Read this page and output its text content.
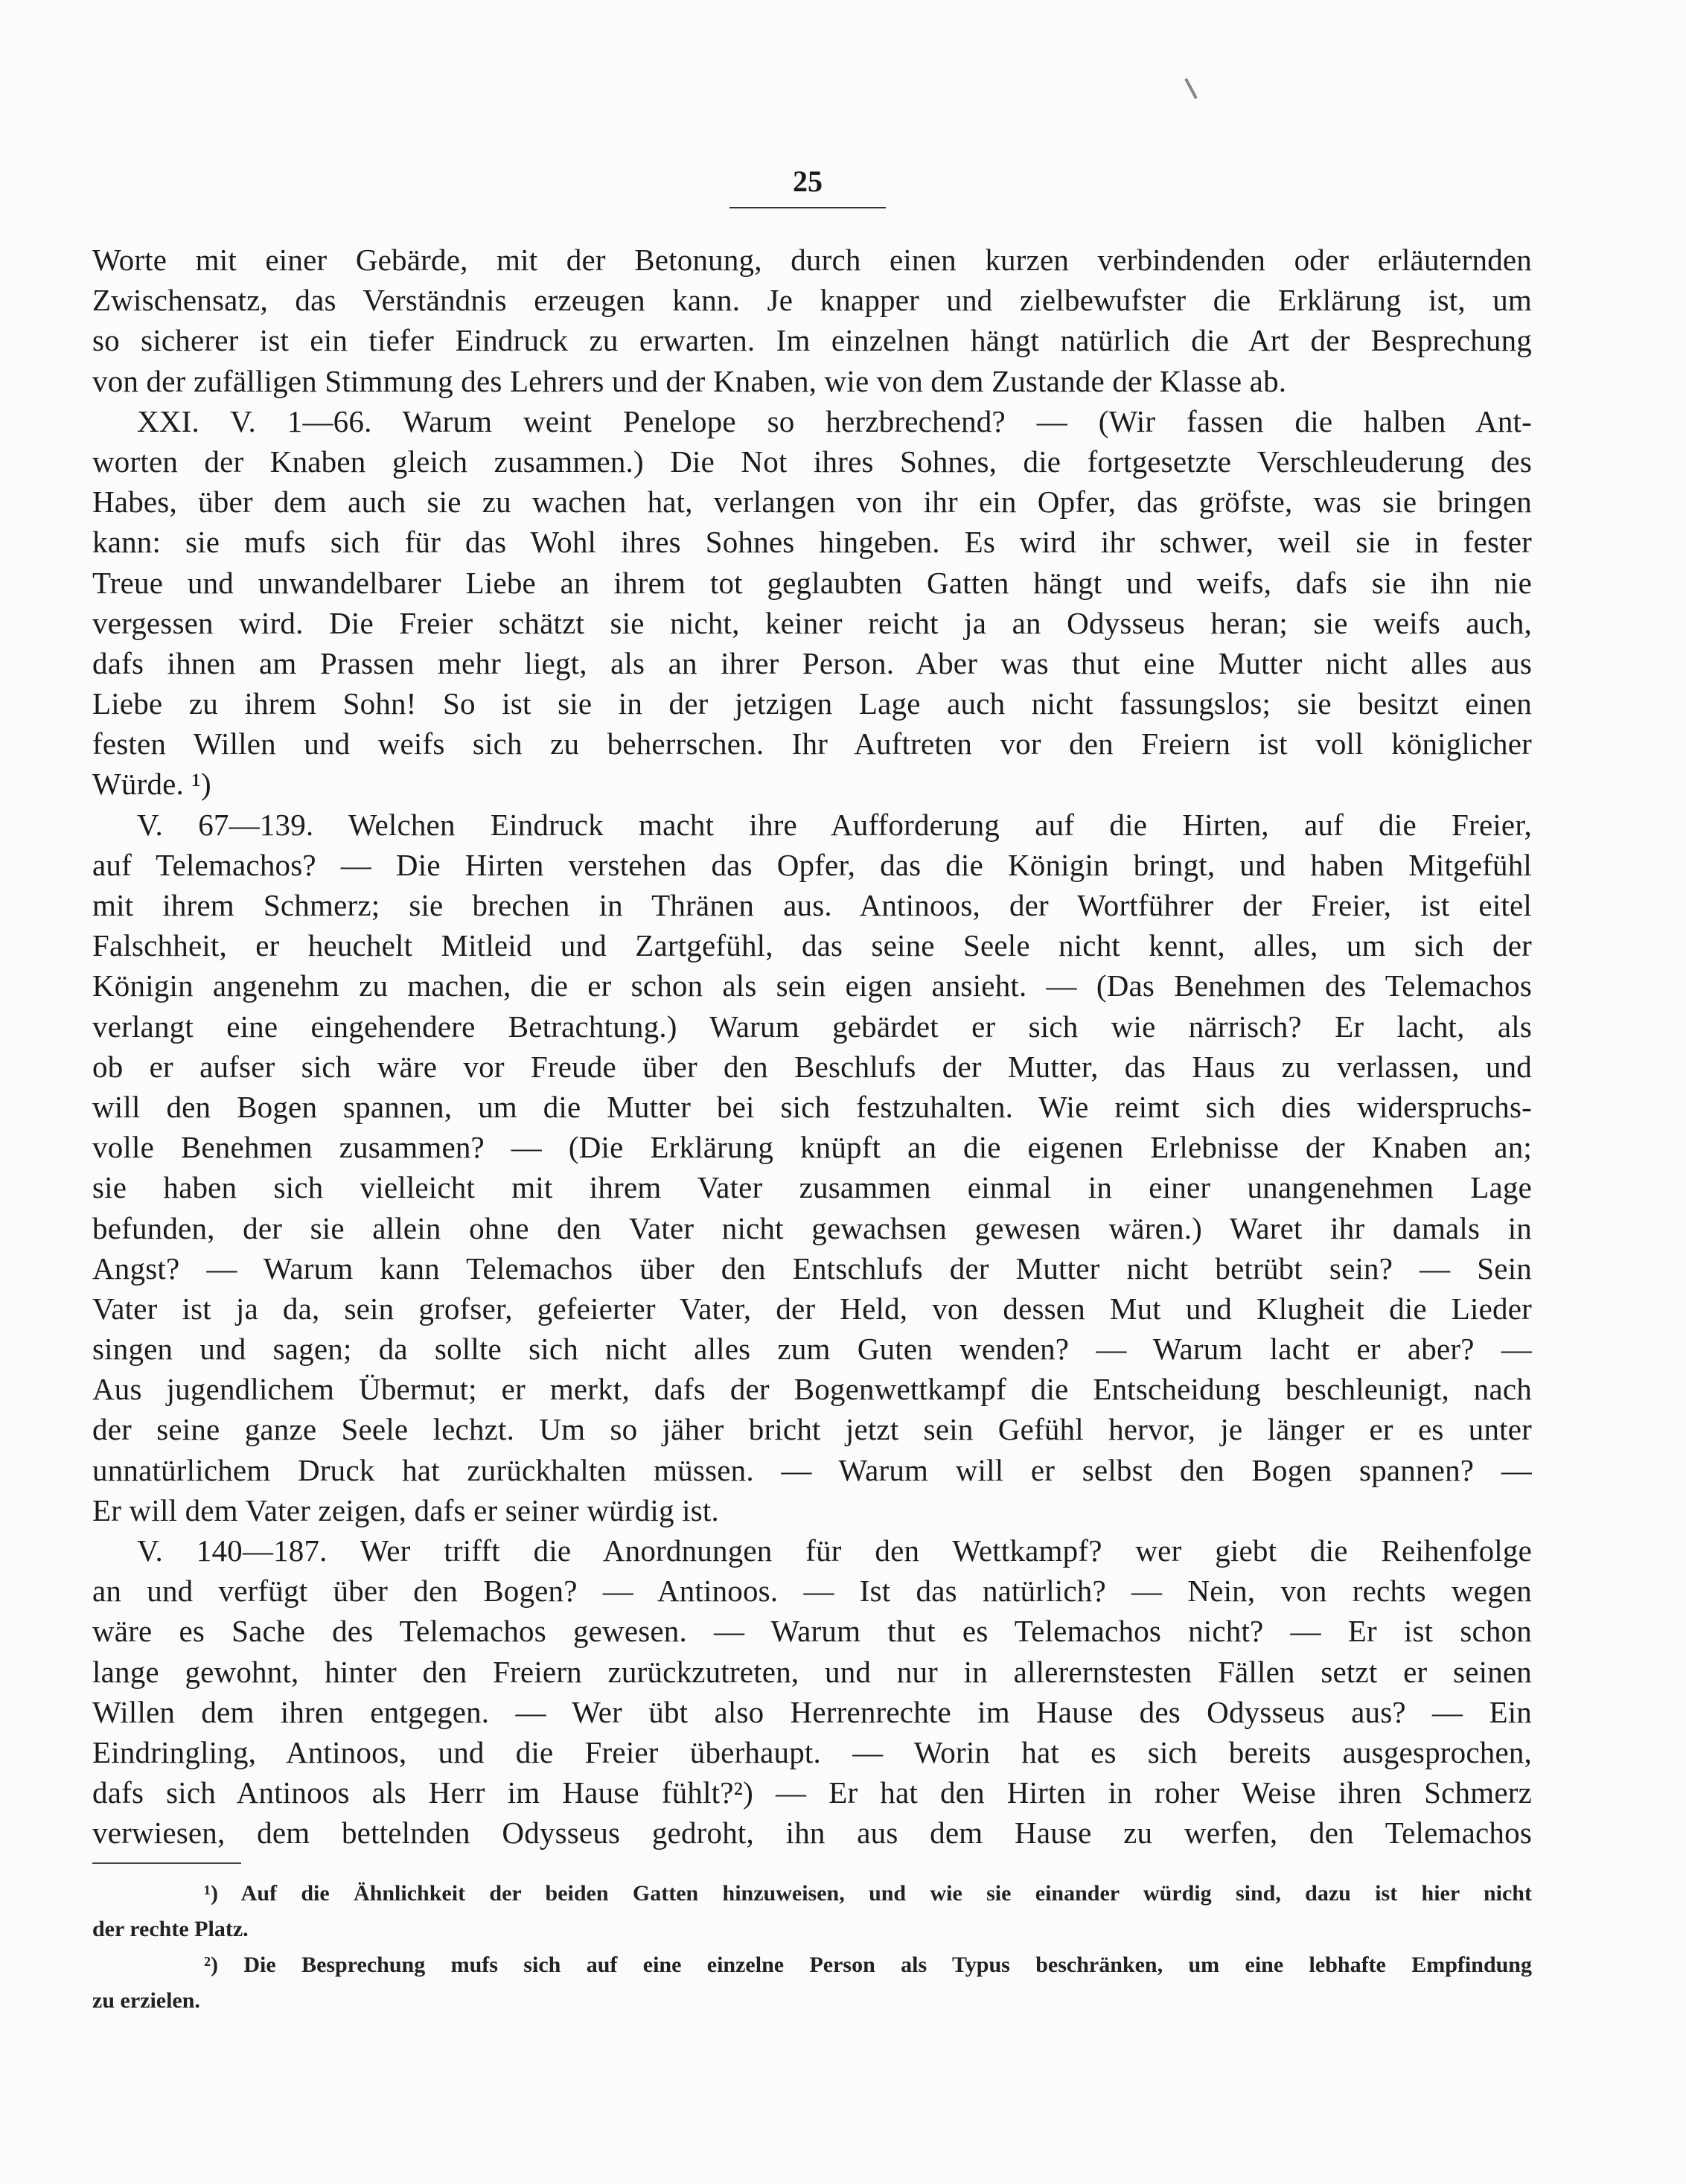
25
Worte mit einer Gebärde, mit der Betonung, durch einen kurzen verbindenden oder erläuternden
Zwischensatz, das Verständnis erzeugen kann. Je knapper und zielbewufster die Erklärung ist, um
so sicherer ist ein tiefer Eindruck zu erwarten. Im einzelnen hängt natürlich die Art der Besprechung
von der zufälligen Stimmung des Lehrers und der Knaben, wie von dem Zustande der Klasse ab.
XXI. V. 1—66. Warum weint Penelope so herzbrechend? — (Wir fassen die halben Ant-
worten der Knaben gleich zusammen.) Die Not ihres Sohnes, die fortgesetzte Verschleuderung des
Habes, über dem auch sie zu wachen hat, verlangen von ihr ein Opfer, das gröfste, was sie bringen
kann: sie mufs sich für das Wohl ihres Sohnes hingeben. Es wird ihr schwer, weil sie in fester
Treue und unwandelbarer Liebe an ihrem tot geglaubten Gatten hängt und weifs, dafs sie ihn nie
vergessen wird. Die Freier schätzt sie nicht, keiner reicht ja an Odysseus heran; sie weifs auch,
dafs ihnen am Prassen mehr liegt, als an ihrer Person. Aber was thut eine Mutter nicht alles aus
Liebe zu ihrem Sohn! So ist sie in der jetzigen Lage auch nicht fassungslos; sie besitzt einen
festen Willen und weifs sich zu beherrschen. Ihr Auftreten vor den Freiern ist voll königlicher
Würde. ¹)
V. 67—139. Welchen Eindruck macht ihre Aufforderung auf die Hirten, auf die Freier,
auf Telemachos? — Die Hirten verstehen das Opfer, das die Königin bringt, und haben Mitgefühl
mit ihrem Schmerz; sie brechen in Thränen aus. Antinoos, der Wortführer der Freier, ist eitel
Falschheit, er heuchelt Mitleid und Zartgefühl, das seine Seele nicht kennt, alles, um sich der
Königin angenehm zu machen, die er schon als sein eigen ansieht. — (Das Benehmen des Telemachos
verlangt eine eingehendere Betrachtung.) Warum gebärdet er sich wie närrisch? Er lacht, als
ob er aufser sich wäre vor Freude über den Beschlufs der Mutter, das Haus zu verlassen, und
will den Bogen spannen, um die Mutter bei sich festzuhalten. Wie reimt sich dies widerspruchs-
volle Benehmen zusammen? — (Die Erklärung knüpft an die eigenen Erlebnisse der Knaben an;
sie haben sich vielleicht mit ihrem Vater zusammen einmal in einer unangenehmen Lage
befunden, der sie allein ohne den Vater nicht gewachsen gewesen wären.) Waret ihr damals in
Angst? — Warum kann Telemachos über den Entschlufs der Mutter nicht betrübt sein? — Sein
Vater ist ja da, sein grofser, gefeierter Vater, der Held, von dessen Mut und Klugheit die Lieder
singen und sagen; da sollte sich nicht alles zum Guten wenden? — Warum lacht er aber? —
Aus jugendlichem Übermut; er merkt, dafs der Bogenwettkampf die Entscheidung beschleunigt, nach
der seine ganze Seele lechzt. Um so jäher bricht jetzt sein Gefühl hervor, je länger er es unter
unnatürlichem Druck hat zurückhalten müssen. — Warum will er selbst den Bogen spannen? —
Er will dem Vater zeigen, dafs er seiner würdig ist.
V. 140—187. Wer trifft die Anordnungen für den Wettkampf? wer giebt die Reihenfolge
an und verfügt über den Bogen? — Antinoos. — Ist das natürlich? — Nein, von rechts wegen
wäre es Sache des Telemachos gewesen. — Warum thut es Telemachos nicht? — Er ist schon
lange gewohnt, hinter den Freiern zurückzutreten, und nur in allerernstesten Fällen setzt er seinen
Willen dem ihren entgegen. — Wer übt also Herrenrechte im Hause des Odysseus aus? — Ein
Eindringling, Antinoos, und die Freier überhaupt. — Worin hat es sich bereits ausgesprochen,
dafs sich Antinoos als Herr im Hause fühlt?²) — Er hat den Hirten in roher Weise ihren Schmerz
verwiesen, dem bettelnden Odysseus gedroht, ihn aus dem Hause zu werfen, den Telemachos
¹) Auf die Ähnlichkeit der beiden Gatten hinzuweisen, und wie sie einander würdig sind, dazu ist hier nicht
der rechte Platz.
²) Die Besprechung mufs sich auf eine einzelne Person als Typus beschränken, um eine lebhafte Empfindung
zu erzielen.
